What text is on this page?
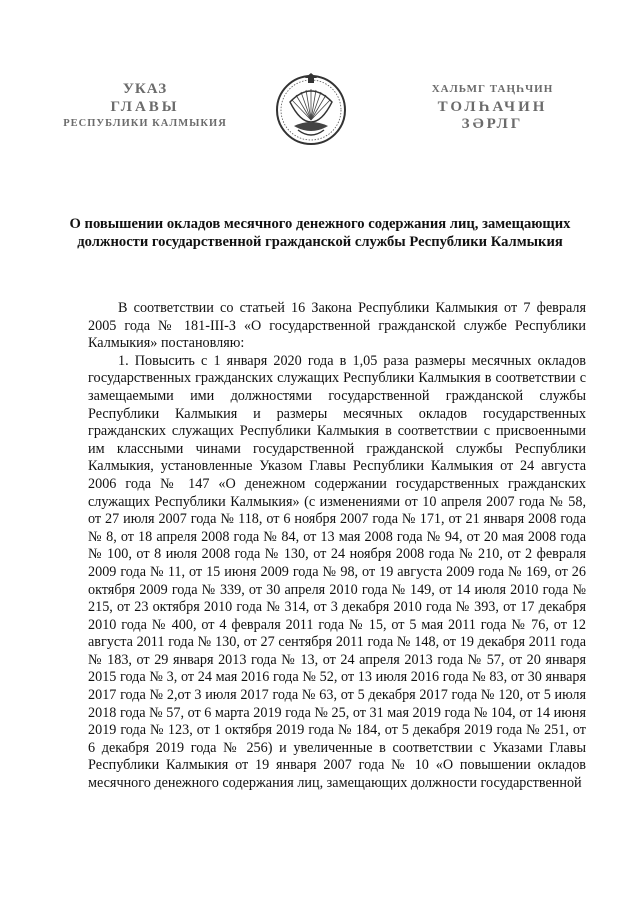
УКАЗ
ГЛАВЫ
РЕСПУБЛИКИ КАЛМЫКИЯ
ХАЛЬМГ ТАҢҺЧИН
ТОЛҺАЧИН
ЗӘРЛГ
О повышении окладов месячного денежного содержания лиц, замещающих должности государственной гражданской службы Республики Калмыкия

В соответствии со статьей 16 Закона Республики Калмыкия от 7 февраля 2005 года № 181-III-З «О государственной гражданской службе Республики Калмыкия» постановляю:

1. Повысить с 1 января 2020 года в 1,05 раза размеры месячных окладов государственных гражданских служащих Республики Калмыкия в соответствии с замещаемыми ими должностями государственной гражданской службы Республики Калмыкия и размеры месячных окладов государственных гражданских служащих Республики Калмыкия в соответствии с присвоенными им классными чинами государственной гражданской службы Республики Калмыкия, установленные Указом Главы Республики Калмыкия от 24 августа 2006 года № 147 «О денежном содержании государственных гражданских служащих Республики Калмыкия» (с изменениями от 10 апреля 2007 года № 58, от 27 июля 2007 года № 118, от 6 ноября 2007 года № 171, от 21 января 2008 года № 8, от 18 апреля 2008 года № 84, от 13 мая 2008 года № 94, от 20 мая 2008 года № 100, от 8 июля 2008 года № 130, от 24 ноября 2008 года № 210, от 2 февраля 2009 года № 11, от 15 июня 2009 года № 98, от 19 августа 2009 года № 169, от 26 октября 2009 года № 339, от 30 апреля 2010 года № 149, от 14 июля 2010 года № 215, от 23 октября 2010 года № 314, от 3 декабря 2010 года № 393, от 17 декабря 2010 года № 400, от 4 февраля 2011 года № 15, от 5 мая 2011 года № 76, от 12 августа 2011 года № 130, от 27 сентября 2011 года № 148, от 19 декабря 2011 года № 183, от 29 января 2013 года № 13, от 24 апреля 2013 года № 57, от 20 января 2015 года № 3, от 24 мая 2016 года № 52, от 13 июля 2016 года № 83, от 30 января 2017 года № 2,от 3 июля 2017 года № 63, от 5 декабря 2017 года № 120, от 5 июля 2018 года № 57, от 6 марта 2019 года № 25, от 31 мая 2019 года № 104, от 14 июня 2019 года № 123, от 1 октября 2019 года № 184, от 5 декабря 2019 года № 251, от 6 декабря 2019 года № 256) и увеличенные в соответствии с Указами Главы Республики Калмыкия от 19 января 2007 года № 10 «О повышении окладов месячного денежного содержания лиц, замещающих должности государственной
